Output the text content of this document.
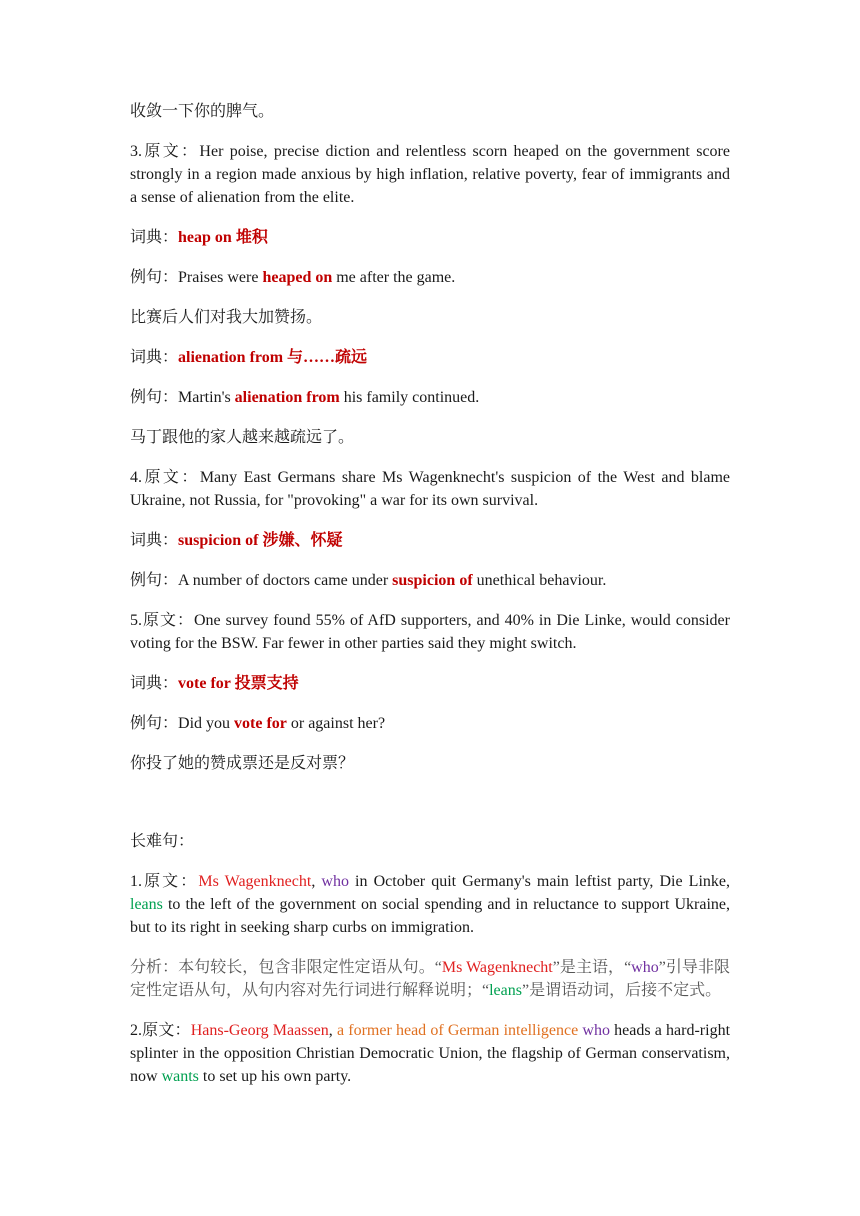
收敛一下你的脾气。

3.原文：Her poise, precise diction and relentless scorn heaped on the government score strongly in a region made anxious by high inflation, relative poverty, fear of immigrants and a sense of alienation from the elite.

词典：heap on 堆积

例句：Praises were heaped on me after the game.

比赛后人们对我大加赞扬。

词典：alienation from 与……疏远

例句：Martin's alienation from his family continued.

马丁跟他的家人越来越疏远了。

4.原文：Many East Germans share Ms Wagenknecht's suspicion of the West and blame Ukraine, not Russia, for "provoking" a war for its own survival.

词典：suspicion of 涉嫌、怀疑

例句：A number of doctors came under suspicion of unethical behaviour.

5.原文：One survey found 55% of AfD supporters, and 40% in Die Linke, would consider voting for the BSW. Far fewer in other parties said they might switch.

词典：vote for 投票支持

例句：Did you vote for or against her?

你投了她的赞成票还是反对票？

长难句：

1.原文：Ms Wagenknecht, who in October quit Germany's main leftist party, Die Linke, leans to the left of the government on social spending and in reluctance to support Ukraine, but to its right in seeking sharp curbs on immigration.

分析：本句较长，包含非限定性定语从句。“Ms Wagenknecht”是主语，“who”引导非限定性定语从句，从句内容对先行词进行解释说明；“leans”是谓语动词，后接不定式。

2.原文：Hans-Georg Maassen, a former head of German intelligence who heads a hard-right splinter in the opposition Christian Democratic Union, the flagship of German conservatism, now wants to set up his own party.
